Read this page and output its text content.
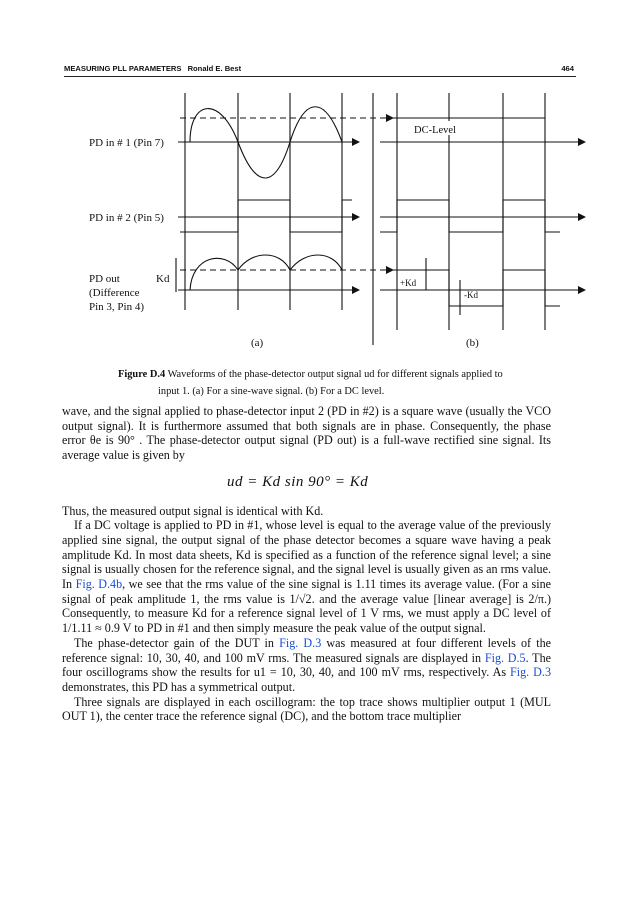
MEASURING PLL PARAMETERS Ronald E. Best	464
PD in # 1 (Pin 7)
PD in # 2 (Pin 5)
PD out
(Difference
Pin 3, Pin 4)
Kd
DC-Level
+Kd
-Kd
(a)	(b)
Figure D.4 Waveforms of the phase-detector output signal ud for different signals applied to
input 1. (a) For a sine-wave signal. (b) For a DC level.

wave, and the signal applied to phase-detector input 2 (PD in #2) is a square wave (usually the VCO output signal). It is furthermore assumed that both signals are in phase. Consequently, the phase error θe is 90° . The phase-detector output signal (PD out) is a full-wave rectified sine signal. Its average value is given by

ud = Kd sin 90° = Kd

Thus, the measured output signal is identical with Kd.

If a DC voltage is applied to PD in #1, whose level is equal to the average value of the previously applied sine signal, the output signal of the phase detector becomes a square wave having a peak amplitude Kd. In most data sheets, Kd is specified as a function of the reference signal level; a sine signal is usually chosen for the reference signal, and the signal level is usually given as an rms value. In Fig. D.4b, we see that the rms value of the sine signal is 1.11 times its average value. (For a sine signal of peak amplitude 1, the rms value is 1/√2. and the average value [linear average] is 2/π.) Consequently, to measure Kd for a reference signal level of 1 V rms, we must apply a DC level of 1/1.11 ≈ 0.9 V to PD in #1 and then simply measure the peak value of the output signal.

The phase-detector gain of the DUT in Fig. D.3 was measured at four different levels of the reference signal: 10, 30, 40, and 100 mV rms. The measured signals are displayed in Fig. D.5. The four oscillograms show the results for u1 = 10, 30, 40, and 100 mV rms, respectively. As Fig. D.3 demonstrates, this PD has a symmetrical output.

Three signals are displayed in each oscillogram: the top trace shows multiplier output 1 (MUL OUT 1), the center trace the reference signal (DC), and the bottom trace multiplier
